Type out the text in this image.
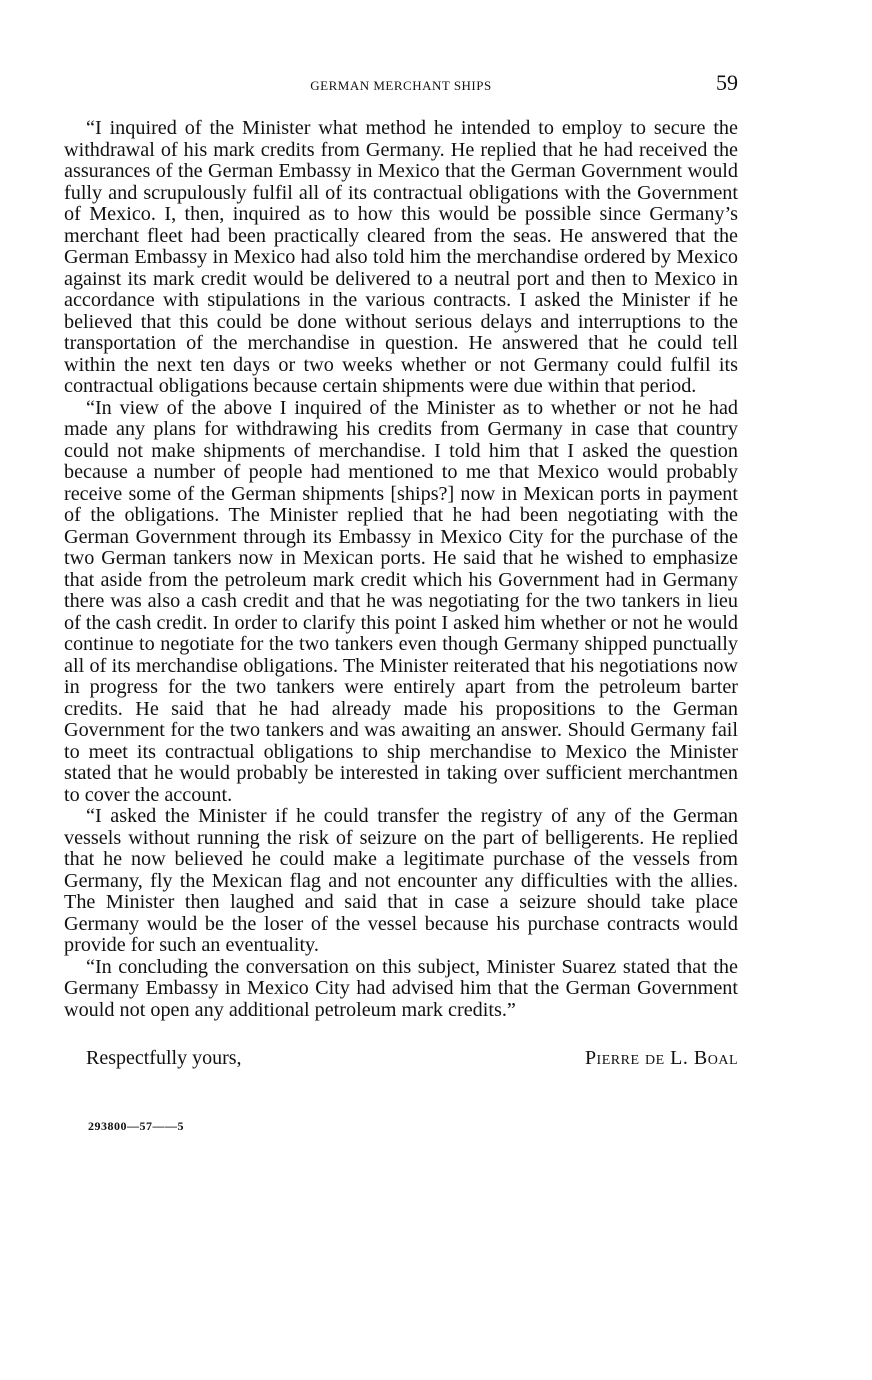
GERMAN MERCHANT SHIPS	59

“I inquired of the Minister what method he intended to employ to secure the withdrawal of his mark credits from Germany. He replied that he had received the assurances of the German Embassy in Mexico that the German Government would fully and scrupulously fulfil all of its contractual obligations with the Government of Mexico. I, then, inquired as to how this would be possible since Germany’s merchant fleet had been practically cleared from the seas. He answered that the German Embassy in Mexico had also told him the merchandise ordered by Mexico against its mark credit would be delivered to a neutral port and then to Mexico in accordance with stipulations in the various contracts. I asked the Minister if he believed that this could be done without serious delays and interruptions to the transportation of the merchandise in question. He answered that he could tell within the next ten days or two weeks whether or not Germany could fulfil its contractual obligations because certain shipments were due within that period.

“In view of the above I inquired of the Minister as to whether or not he had made any plans for withdrawing his credits from Germany in case that country could not make shipments of merchandise. I told him that I asked the question because a number of people had mentioned to me that Mexico would probably receive some of the German shipments [ships?] now in Mexican ports in payment of the obligations. The Minister replied that he had been negotiating with the German Government through its Embassy in Mexico City for the purchase of the two German tankers now in Mexican ports. He said that he wished to emphasize that aside from the petroleum mark credit which his Government had in Germany there was also a cash credit and that he was negotiating for the two tankers in lieu of the cash credit. In order to clarify this point I asked him whether or not he would continue to negotiate for the two tankers even though Germany shipped punctually all of its merchandise obligations. The Minister reiterated that his negotiations now in progress for the two tankers were entirely apart from the petroleum barter credits. He said that he had already made his propositions to the German Government for the two tankers and was awaiting an answer. Should Germany fail to meet its contractual obligations to ship merchandise to Mexico the Minister stated that he would probably be interested in taking over sufficient merchantmen to cover the account.

“I asked the Minister if he could transfer the registry of any of the German vessels without running the risk of seizure on the part of belligerents. He replied that he now believed he could make a legitimate purchase of the vessels from Germany, fly the Mexican flag and not encounter any difficulties with the allies. The Minister then laughed and said that in case a seizure should take place Germany would be the loser of the vessel because his purchase contracts would provide for such an eventuality.

“In concluding the conversation on this subject, Minister Suarez stated that the Germany Embassy in Mexico City had advised him that the German Government would not open any additional petroleum mark credits.”

Respectfully yours,	Pierre de L. Boal
293800—57——5
